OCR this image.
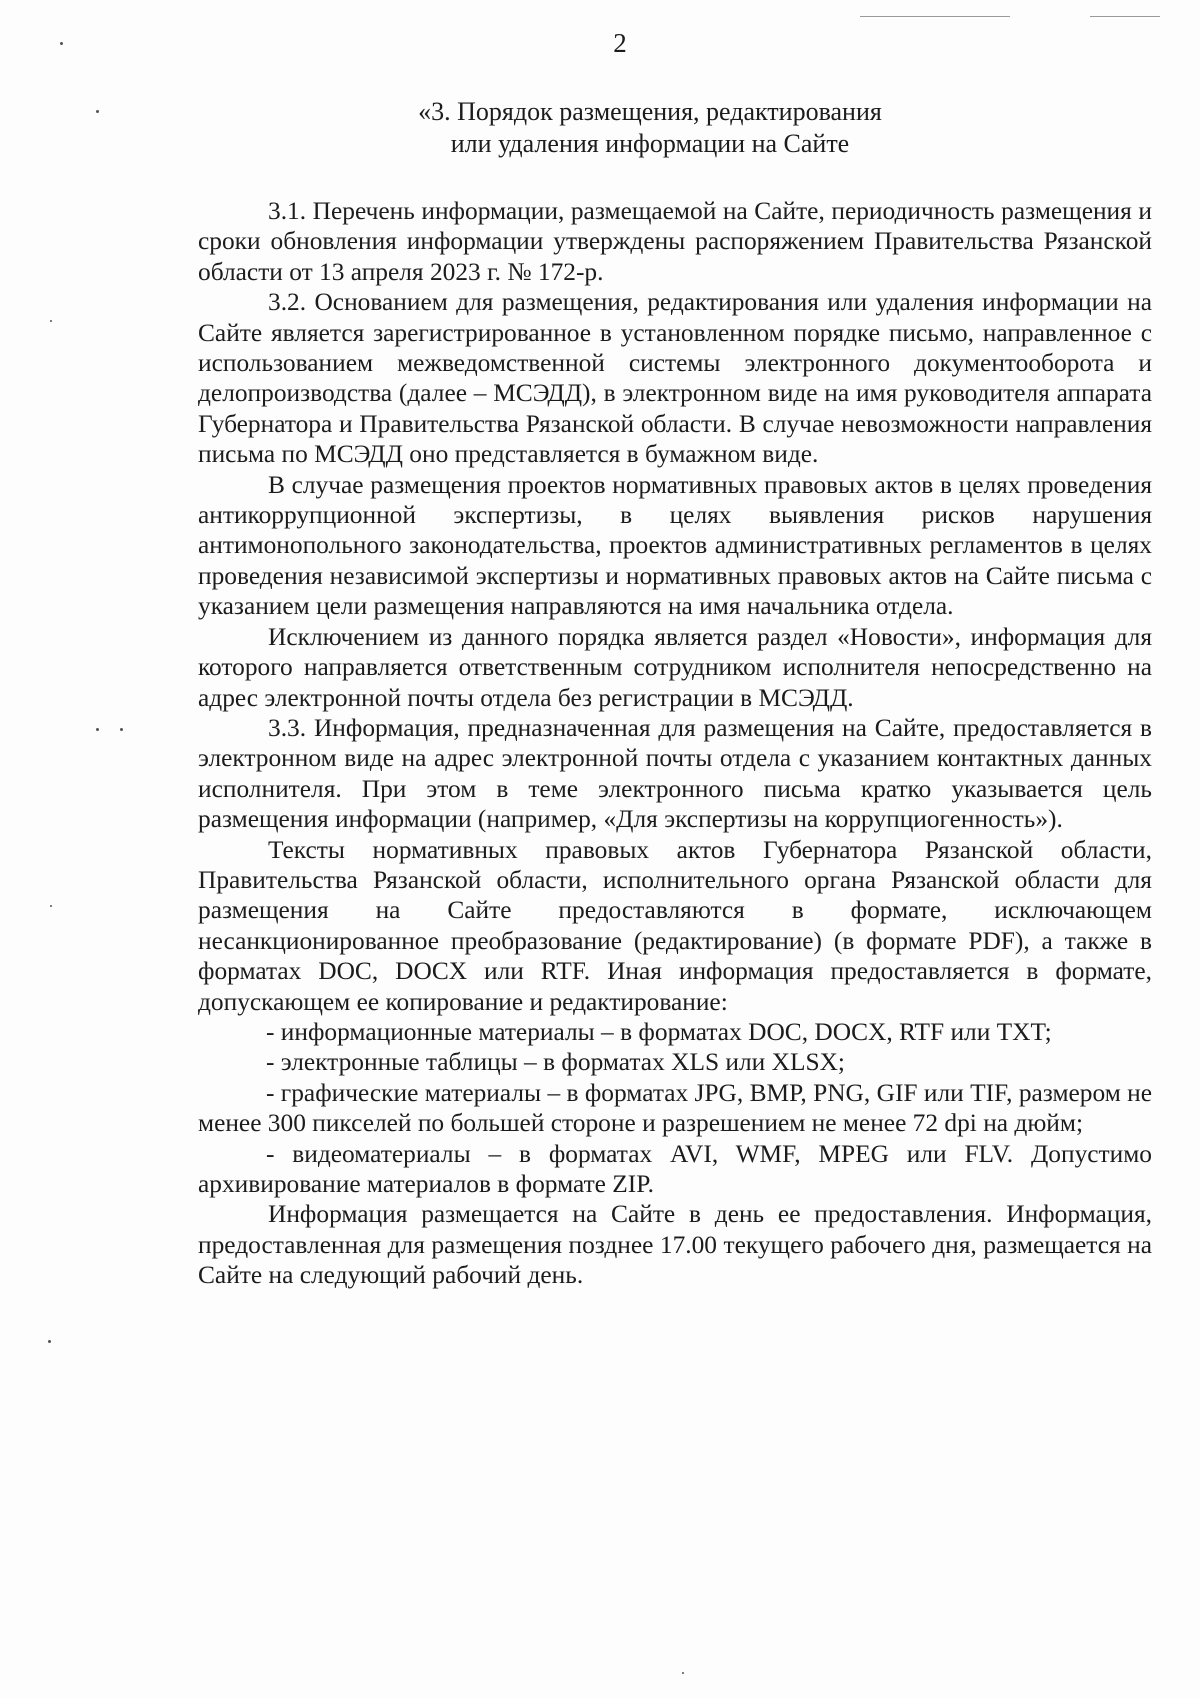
2
«3. Порядок размещения, редактирования
или удаления информации на Сайте

3.1. Перечень информации, размещаемой на Сайте, периодичность размещения и сроки обновления информации утверждены распоряжением Правительства Рязанской области от 13 апреля 2023 г. № 172-р.

3.2. Основанием для размещения, редактирования или удаления информации на Сайте является зарегистрированное в установленном порядке письмо, направленное с использованием межведомственной системы электронного документооборота и делопроизводства (далее – МСЭДД), в электронном виде на имя руководителя аппарата Губернатора и Правительства Рязанской области. В случае невозможности направления письма по МСЭДД оно представляется в бумажном виде.

В случае размещения проектов нормативных правовых актов в целях проведения антикоррупционной экспертизы, в целях выявления рисков нарушения антимонопольного законодательства, проектов административных регламентов в целях проведения независимой экспертизы и нормативных правовых актов на Сайте письма с указанием цели размещения направляются на имя начальника отдела.

Исключением из данного порядка является раздел «Новости», информация для которого направляется ответственным сотрудником исполнителя непосредственно на адрес электронной почты отдела без регистрации в МСЭДД.

3.3. Информация, предназначенная для размещения на Сайте, предоставляется в электронном виде на адрес электронной почты отдела с указанием контактных данных исполнителя. При этом в теме электронного письма кратко указывается цель размещения информации (например, «Для экспертизы на коррупциогенность»).

Тексты нормативных правовых актов Губернатора Рязанской области, Правительства Рязанской области, исполнительного органа Рязанской области для размещения на Сайте предоставляются в формате, исключающем несанкционированное преобразование (редактирование) (в формате PDF), а также в форматах DOC, DOCX или RTF. Иная информация предоставляется в формате, допускающем ее копирование и редактирование:

- информационные материалы – в форматах DOC, DOCX, RTF или TXT;

- электронные таблицы – в форматах XLS или XLSX;

- графические материалы – в форматах JPG, BMP, PNG, GIF или TIF, размером не менее 300 пикселей по большей стороне и разрешением не менее 72 dpi на дюйм;

- видеоматериалы – в форматах AVI, WMF, MPEG или FLV. Допустимо архивирование материалов в формате ZIP.

Информация размещается на Сайте в день ее предоставления. Информация, предоставленная для размещения позднее 17.00 текущего рабочего дня, размещается на Сайте на следующий рабочий день.
